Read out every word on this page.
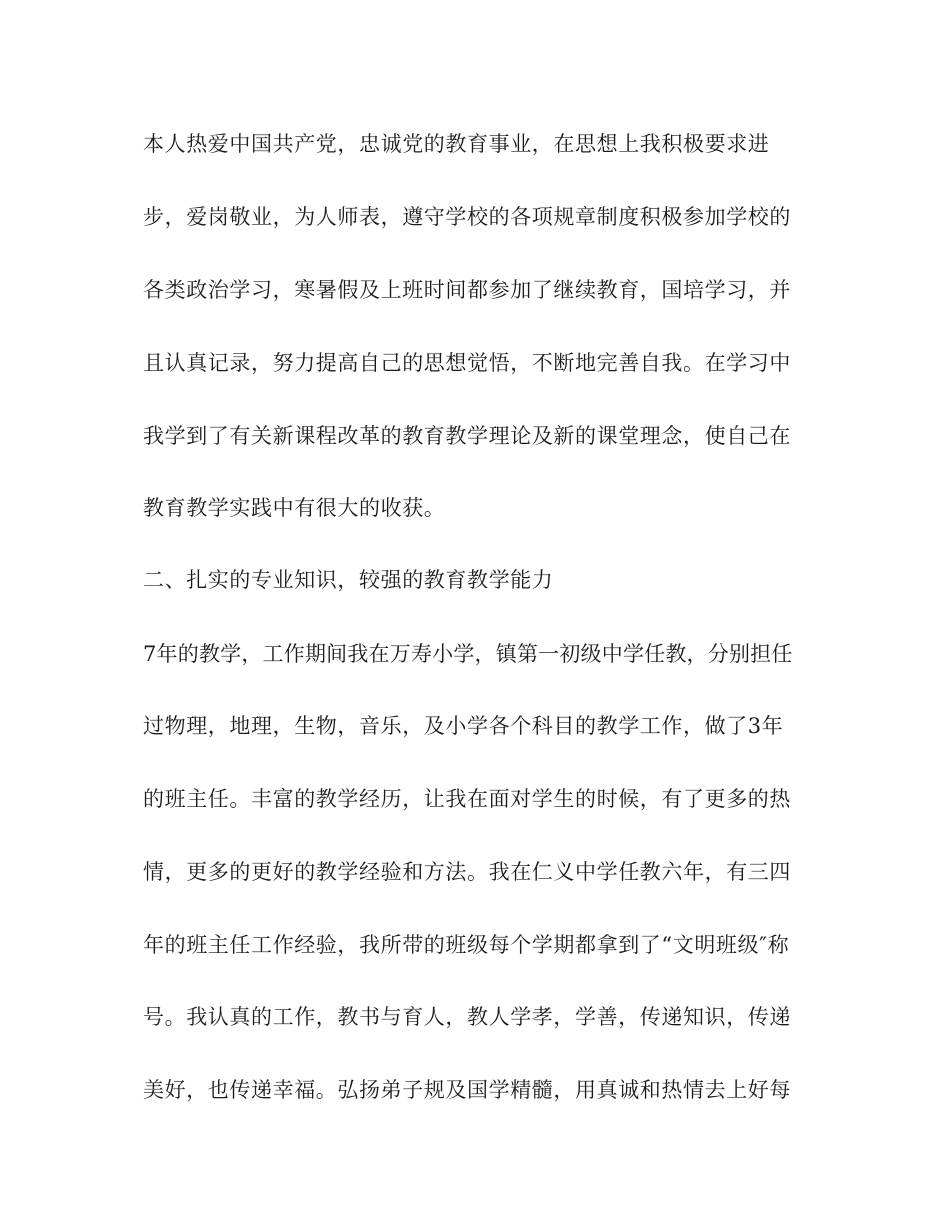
本人热爱中国共产党，忠诚党的教育事业，在思想上我积极要求进

步，爱岗敬业，为人师表，遵守学校的各项规章制度积极参加学校的

各类政治学习，寒暑假及上班时间都参加了继续教育，国培学习，并

且认真记录，努力提高自己的思想觉悟，不断地完善自我。在学习中

我学到了有关新课程改革的教育教学理论及新的课堂理念，使自己在

教育教学实践中有很大的收获。

二、扎实的专业知识，较强的教育教学能力

7年的教学，工作期间我在万寿小学，镇第一初级中学任教，分别担任

过物理，地理，生物，音乐，及小学各个科目的教学工作，做了3年

的班主任。丰富的教学经历，让我在面对学生的时候，有了更多的热

情，更多的更好的教学经验和方法。我在仁义中学任教六年，有三四

年的班主任工作经验，我所带的班级每个学期都拿到了“文明班级″称

号。我认真的工作，教书与育人，教人学孝，学善，传递知识，传递

美好，也传递幸福。弘扬弟子规及国学精髓，用真诚和热情去上好每
